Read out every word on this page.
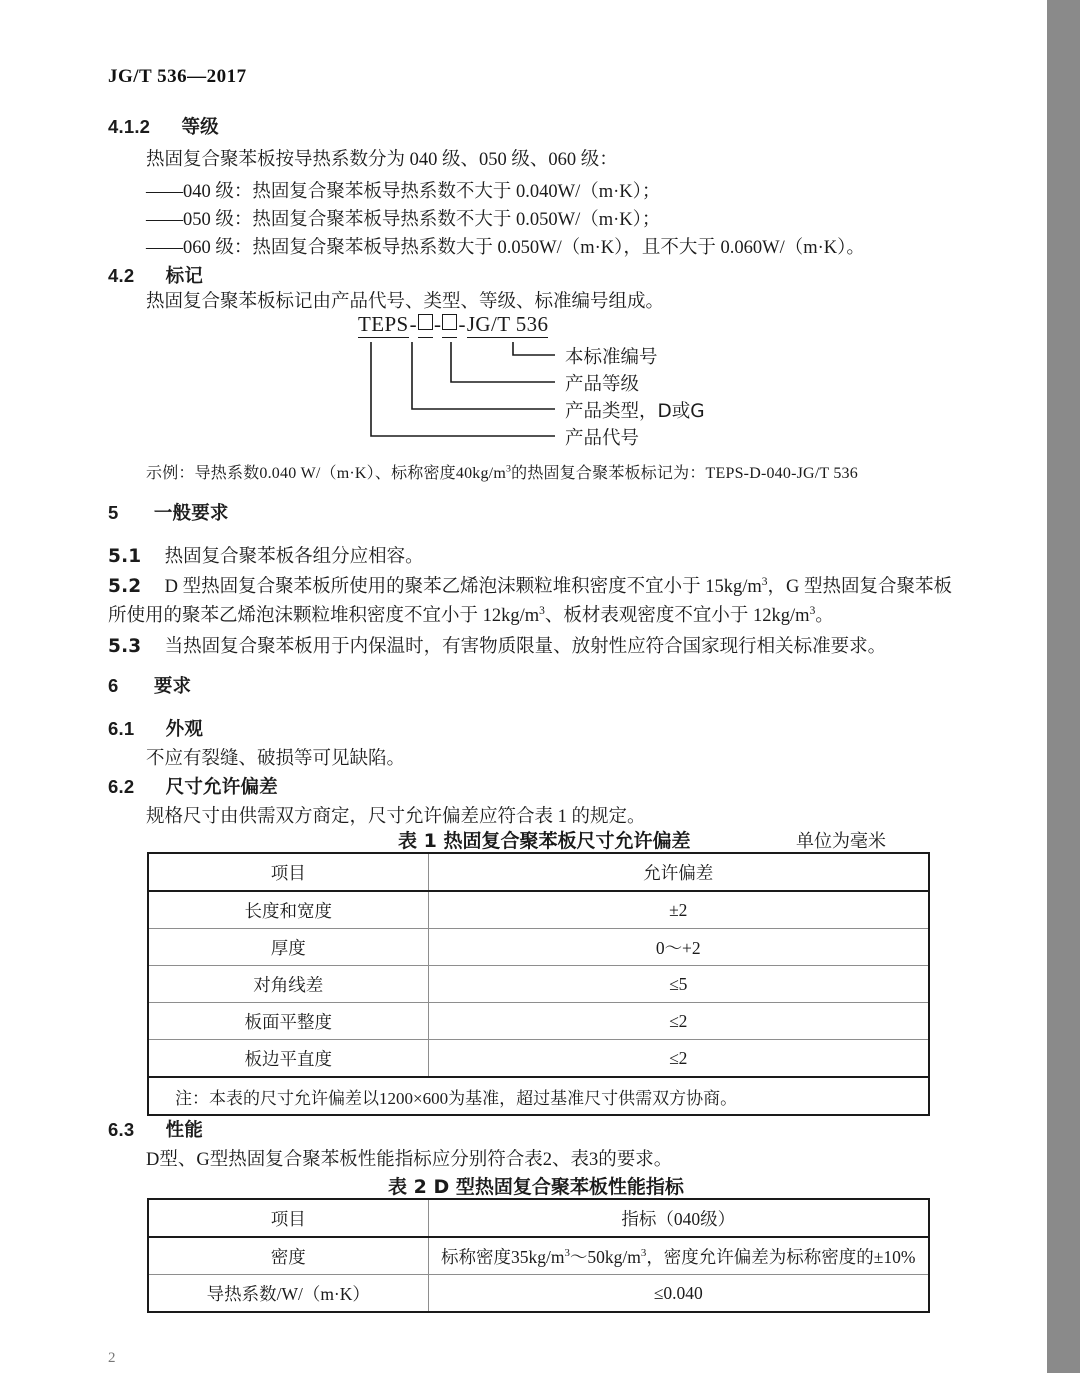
JG/T 536—2017
4.1.2 等级
热固复合聚苯板按导热系数分为 040 级、050 级、060 级：
——040 级：热固复合聚苯板导热系数不大于 0.040W/（m·K）；
——050 级：热固复合聚苯板导热系数不大于 0.050W/（m·K）；
——060 级：热固复合聚苯板导热系数大于 0.050W/（m·K），且不大于 0.060W/（m·K）。
4.2 标记
热固复合聚苯板标记由产品代号、类型、等级、标准编号组成。
TEPS- - -JG/T 536
本标准编号
产品等级
产品类型，D或G
产品代号
示例：导热系数0.040 W/（m·K）、标称密度$40kg/m^3$的热固复合聚苯板标记为：TEPS-D-040-JG/T 536
5 一般要求
5.1 热固复合聚苯板各组分应相容。
5.2 D 型热固复合聚苯板所使用的聚苯乙烯泡沫颗粒堆积密度不宜小于 $15kg/m^3$，G 型热固复合聚苯板
所使用的聚苯乙烯泡沫颗粒堆积密度不宜小于 $12kg/m^3$、板材表观密度不宜小于 $12kg/m^3$。
5.3 当热固复合聚苯板用于内保温时，有害物质限量、放射性应符合国家现行相关标准要求。
6 要求
6.1 外观
不应有裂缝、破损等可见缺陷。
6.2 尺寸允许偏差
规格尺寸由供需双方商定，尺寸允许偏差应符合表 1 的规定。
表 1 热固复合聚苯板尺寸允许偏差	单位为毫米
项目	允许偏差
长度和宽度	±2
厚度	0～+2
对角线差	≤5
板面平整度	≤2
板边平直度	≤2
注：本表的尺寸允许偏差以1200×600为基准，超过基准尺寸供需双方协商。	
6.3 性能
D型、G型热固复合聚苯板性能指标应分别符合表2、表3的要求。
表 2 D 型热固复合聚苯板性能指标
项目	指标（040级）
密度	标称密度$35kg/m^3\sim 50kg/m^3$，密度允许偏差为标称密度的±10%
导热系数/W/（m·K）	≤0.040
2
